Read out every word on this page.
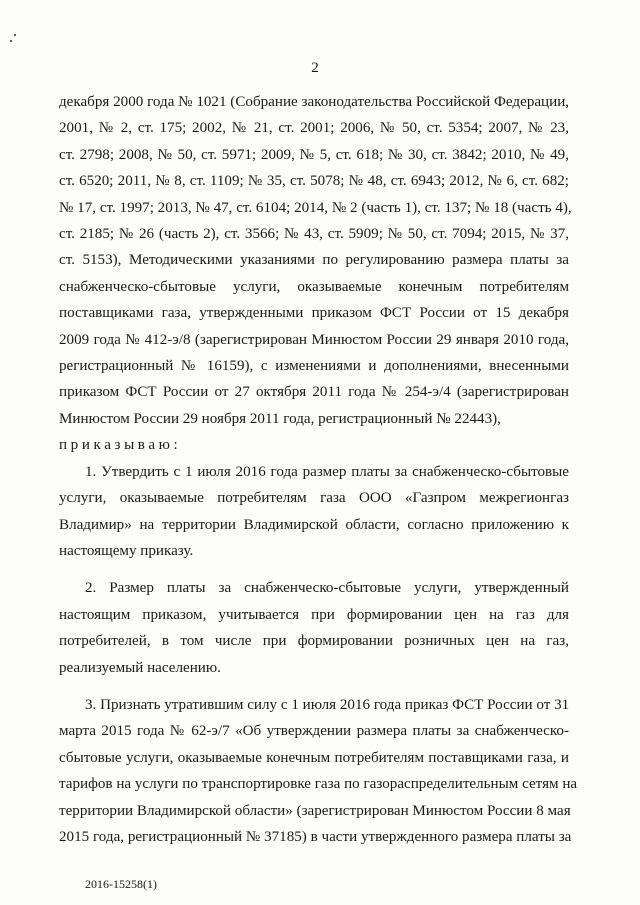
2
декабря 2000 года № 1021 (Собрание законодательства Российской Федерации,
2001, № 2, ст. 175; 2002, № 21, ст. 2001; 2006, № 50, ст. 5354; 2007, № 23,
ст. 2798; 2008, № 50, ст. 5971; 2009, № 5, ст. 618; № 30, ст. 3842; 2010, № 49,
ст. 6520; 2011, № 8, ст. 1109; № 35, ст. 5078; № 48, ст. 6943; 2012, № 6, ст. 682;
№ 17, ст. 1997; 2013, № 47, ст. 6104; 2014, № 2 (часть 1), ст. 137; № 18 (часть 4),
ст. 2185; № 26 (часть 2), ст. 3566; № 43, ст. 5909; № 50, ст. 7094; 2015, № 37,
ст. 5153), Методическими указаниями по регулированию размера платы за
снабженческо-сбытовые услуги, оказываемые конечным потребителям
поставщиками газа, утвержденными приказом ФСТ России от 15 декабря
2009 года № 412-э/8 (зарегистрирован Минюстом России 29 января 2010 года,
регистрационный № 16159), с изменениями и дополнениями, внесенными
приказом ФСТ России от 27 октября 2011 года № 254-э/4 (зарегистрирован
Минюстом России 29 ноября 2011 года, регистрационный № 22443),
приказываю:
1. Утвердить с 1 июля 2016 года размер платы за снабженческо-сбытовые
услуги, оказываемые потребителям газа ООО «Газпром межрегионгаз
Владимир» на территории Владимирской области, согласно приложению к
настоящему приказу.
2. Размер платы за снабженческо-сбытовые услуги, утвержденный
настоящим приказом, учитывается при формировании цен на газ для
потребителей, в том числе при формировании розничных цен на газ,
реализуемый населению.
3. Признать утратившим силу с 1 июля 2016 года приказ ФСТ России от 31
марта 2015 года № 62-э/7 «Об утверждении размера платы за снабженческо-
сбытовые услуги, оказываемые конечным потребителям поставщиками газа, и
тарифов на услуги по транспортировке газа по газораспределительным сетям на
территории Владимирской области» (зарегистрирован Минюстом России 8 мая
2015 года, регистрационный № 37185) в части утвержденного размера платы за
2016-15258(1)
